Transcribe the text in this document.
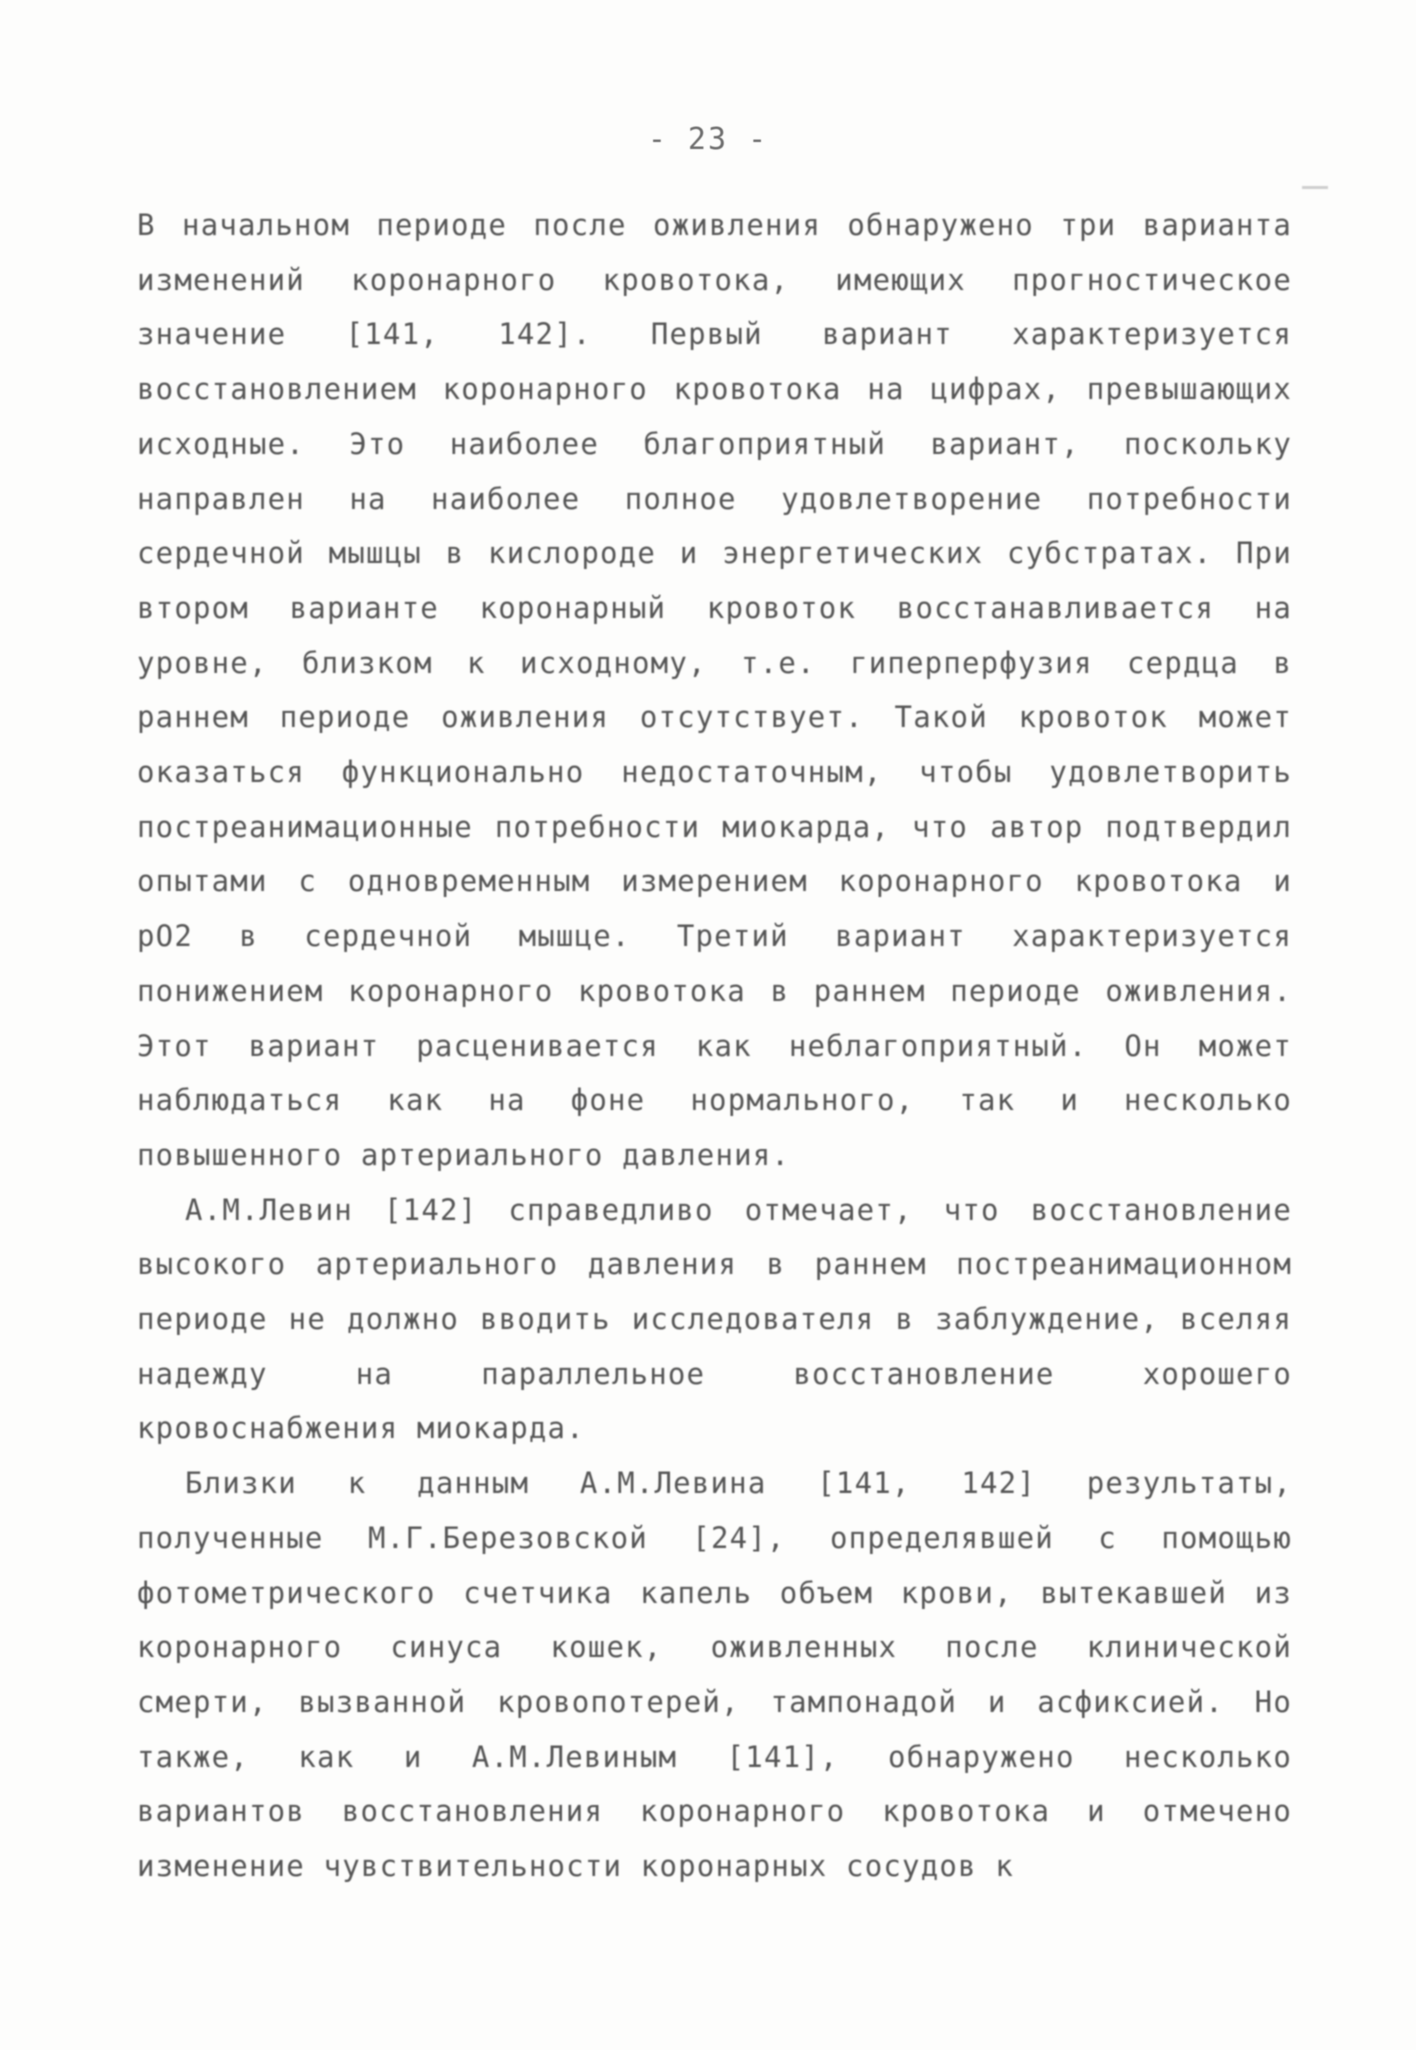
- 23 -

В начальном периоде после оживления обнаружено три варианта изменений коронарного кровотока, имеющих прогностическое значение [141, 142]. Первый вариант характеризуется восстановлением коронарного кровотока на цифрах, превышающих исходные. Это наиболее благоприятный вариант, поскольку направлен на наиболее полное удовлетворение потребности сердечной мышцы в кислороде и энергетических субстратах. При втором варианте коронарный кровоток восстанавливается на уровне, близком к исходному, т.е. гиперперфузия сердца в раннем периоде оживления отсутствует. Такой кровоток может оказаться функционально недостаточным, чтобы удовлетворить постреанимационные потребности миокарда, что автор подтвердил опытами с одновременным измерением коронарного кровотока и pO2 в сердечной мышце. Третий вариант характеризуется понижением коронарного кровотока в раннем периоде оживления. Этот вариант расценивается как неблагоприятный. Он может наблюдаться как на фоне нормального, так и несколько повышенного артериального давления.

А.М.Левин [142] справедливо отмечает, что восстановление высокого артериального давления в раннем постреанимационном периоде не должно вводить исследователя в заблуждение, вселяя надежду на параллельное восстановление хорошего кровоснабжения миокарда.

Близки к данным А.М.Левина [141, 142] результаты, полученные М.Г.Березовской [24], определявшей с помощью фотометрического счетчика капель объем крови, вытекавшей из коронарного синуса кошек, оживленных после клинической смерти, вызванной кровопотерей, тампонадой и асфиксией. Но также, как и А.М.Левиным [141], обнаружено несколько вариантов восстановления коронарного кровотока и отмечено изменение чувствительности коронарных сосудов к
